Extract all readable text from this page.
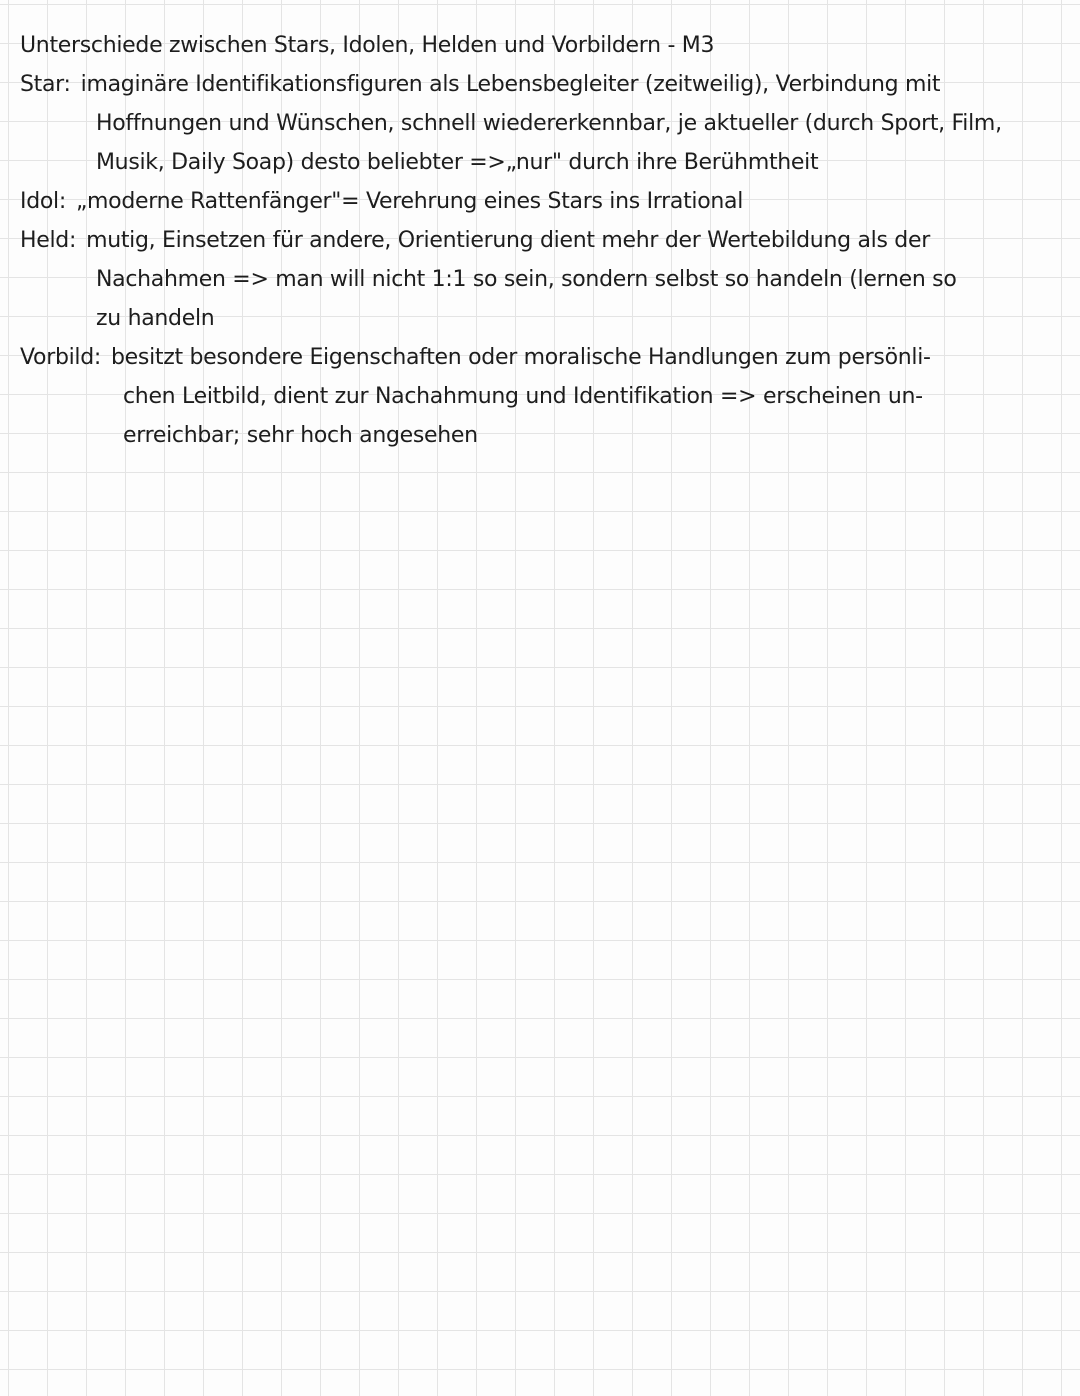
Unterschiede zwischen Stars, Idolen, Helden und Vorbildern - M3
Star: imaginäre Identifikationsfiguren als Lebensbegleiter (zeitweilig), Verbindung mit
Hoffnungen und Wünschen, schnell wiedererkennbar, je aktueller (durch Sport, Film,
Musik, Daily Soap) desto beliebter =>„nur" durch ihre Berühmtheit
Idol: „moderne Rattenfänger"= Verehrung eines Stars ins Irrational
Held: mutig, Einsetzen für andere, Orientierung dient mehr der Wertebildung als der
Nachahmen => man will nicht 1:1 so sein, sondern selbst so handeln (lernen so
zu handeln
Vorbild: besitzt besondere Eigenschaften oder moralische Handlungen zum persönli-
chen Leitbild, dient zur Nachahmung und Identifikation => erscheinen un-
erreichbar; sehr hoch angesehen
